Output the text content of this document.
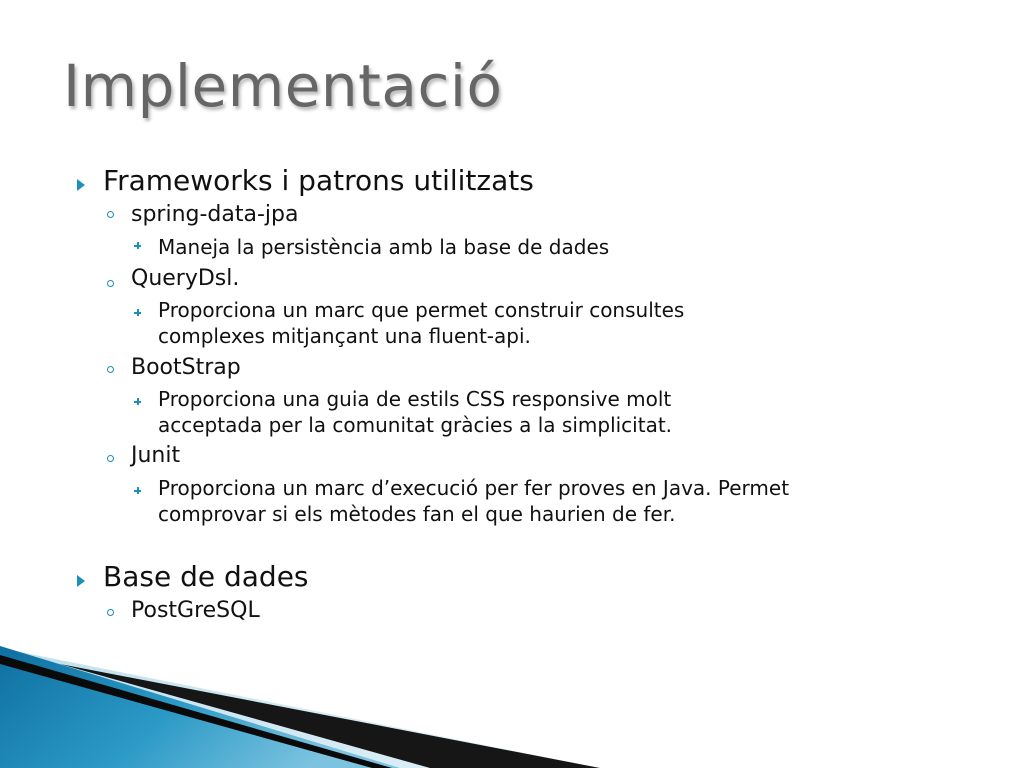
Implementació
Frameworks i patrons utilitzats
spring-data-jpa
Maneja la persistència amb la base de dades
QueryDsl.
Proporciona un marc que permet construir consultes
complexes mitjançant una fluent-api.
BootStrap
Proporciona una guia de estils CSS responsive molt
acceptada per la comunitat gràcies a la simplicitat.
Junit
Proporciona un marc d’execució per fer proves en Java. Permet
comprovar si els mètodes fan el que haurien de fer.
Base de dades
PostGreSQL
